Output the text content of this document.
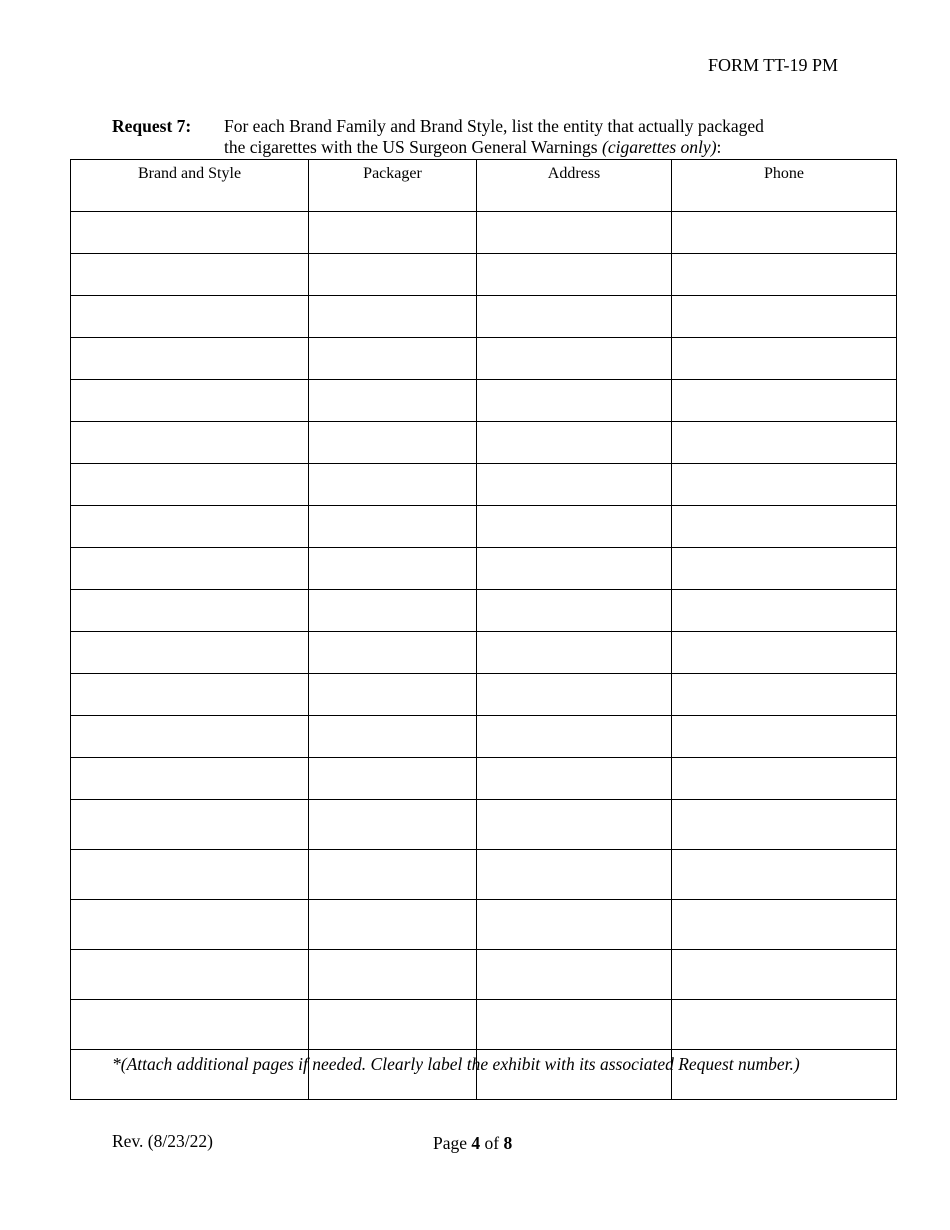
FORM TT-19 PM
Request 7: For each Brand Family and Brand Style, list the entity that actually packaged
the cigarettes with the US Surgeon General Warnings (cigarettes only):
Brand and Style	Packager	Address	Phone

*(Attach additional pages if needed. Clearly label the exhibit with its associated Request number.)
Rev. (8/23/22)	Page 4 of 8
